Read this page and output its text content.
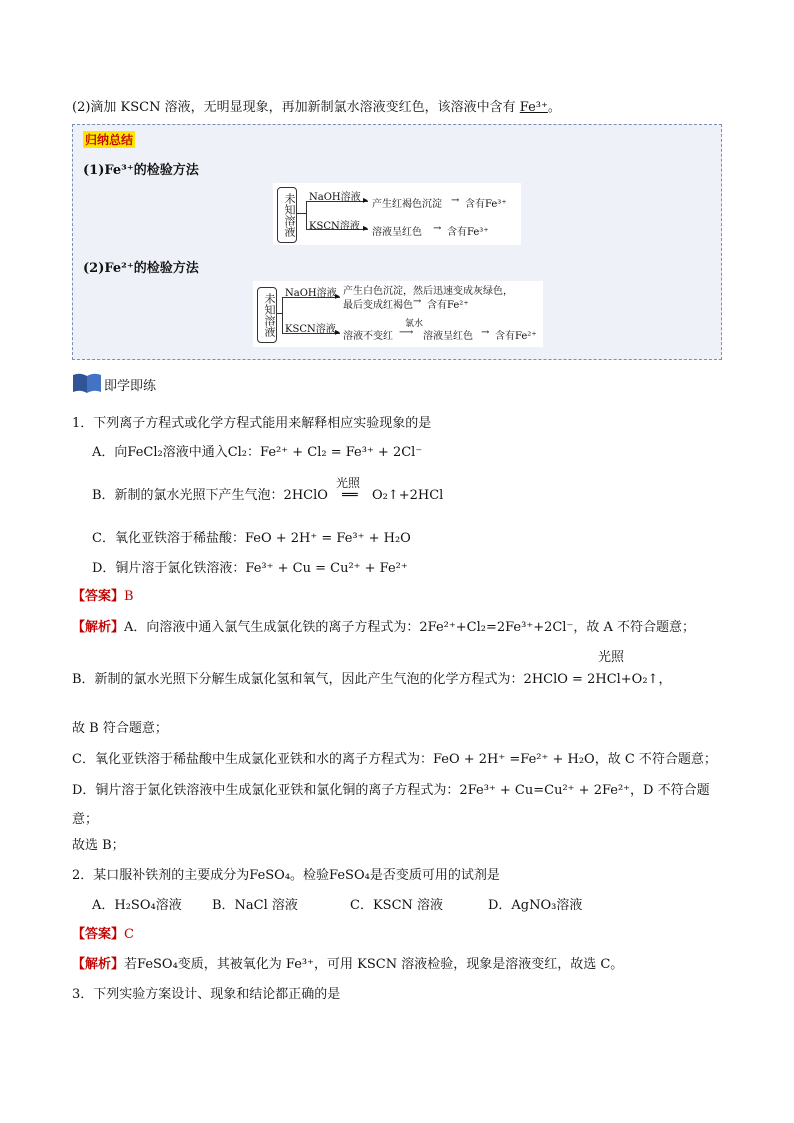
(2)滴加 KSCN 溶液，无明显现象，再加新制氯水溶液变红色，该溶液中含有 Fe³⁺。
归纳总结
(1)Fe³⁺的检验方法
未知溶液 NaOH溶液
KSCN溶液
▸
▸
产生红褐色沉淀
溶液呈红色
→
→
含有Fe³⁺
含有Fe³⁺
(2)Fe²⁺的检验方法
未知溶液 NaOH溶液
KSCN溶液
▸
▸
产生白色沉淀，然后迅速变成灰绿色，
最后变成红褐色 → 含有Fe²⁺
溶液不变红
氯水
⟶ 溶液呈红色 → 含有Fe²⁺
即学即练
1．下列离子方程式或化学方程式能用来解释相应实验现象的是
A．向FeCl₂溶液中通入Cl₂：Fe²⁺ + Cl₂ = Fe³⁺ + 2Cl⁻
B．新制的氯水光照下产生气泡：2HClO
光照
══ O₂↑+2HCl
C．氧化亚铁溶于稀盐酸：FeO + 2H⁺ = Fe³⁺ + H₂O
D．铜片溶于氯化铁溶液：Fe³⁺ + Cu = Cu²⁺ + Fe²⁺
【答案】B
【解析】A．向溶液中通入氯气生成氯化铁的离子方程式为：2Fe²⁺+Cl₂=2Fe³⁺+2Cl⁻，故 A 不符合题意；
光照
B．新制的氯水光照下分解生成氯化氢和氧气，因此产生气泡的化学方程式为：2HClO = 2HCl+O₂↑，
故 B 符合题意；
C．氧化亚铁溶于稀盐酸中生成氯化亚铁和水的离子方程式为：FeO + 2H⁺ =Fe²⁺ + H₂O，故 C 不符合题意；
D．铜片溶于氯化铁溶液中生成氯化亚铁和氯化铜的离子方程式为：2Fe³⁺ + Cu=Cu²⁺ + 2Fe²⁺，D 不符合题
意；
故选 B；
2．某口服补铁剂的主要成分为FeSO₄。检验FeSO₄是否变质可用的试剂是
A．H₂SO₄溶液 B．NaCl 溶液	C．KSCN 溶液	D．AgNO₃溶液
【答案】C
【解析】若FeSO₄变质，其被氧化为 Fe³⁺，可用 KSCN 溶液检验，现象是溶液变红，故选 C。
3．下列实验方案设计、现象和结论都正确的是
